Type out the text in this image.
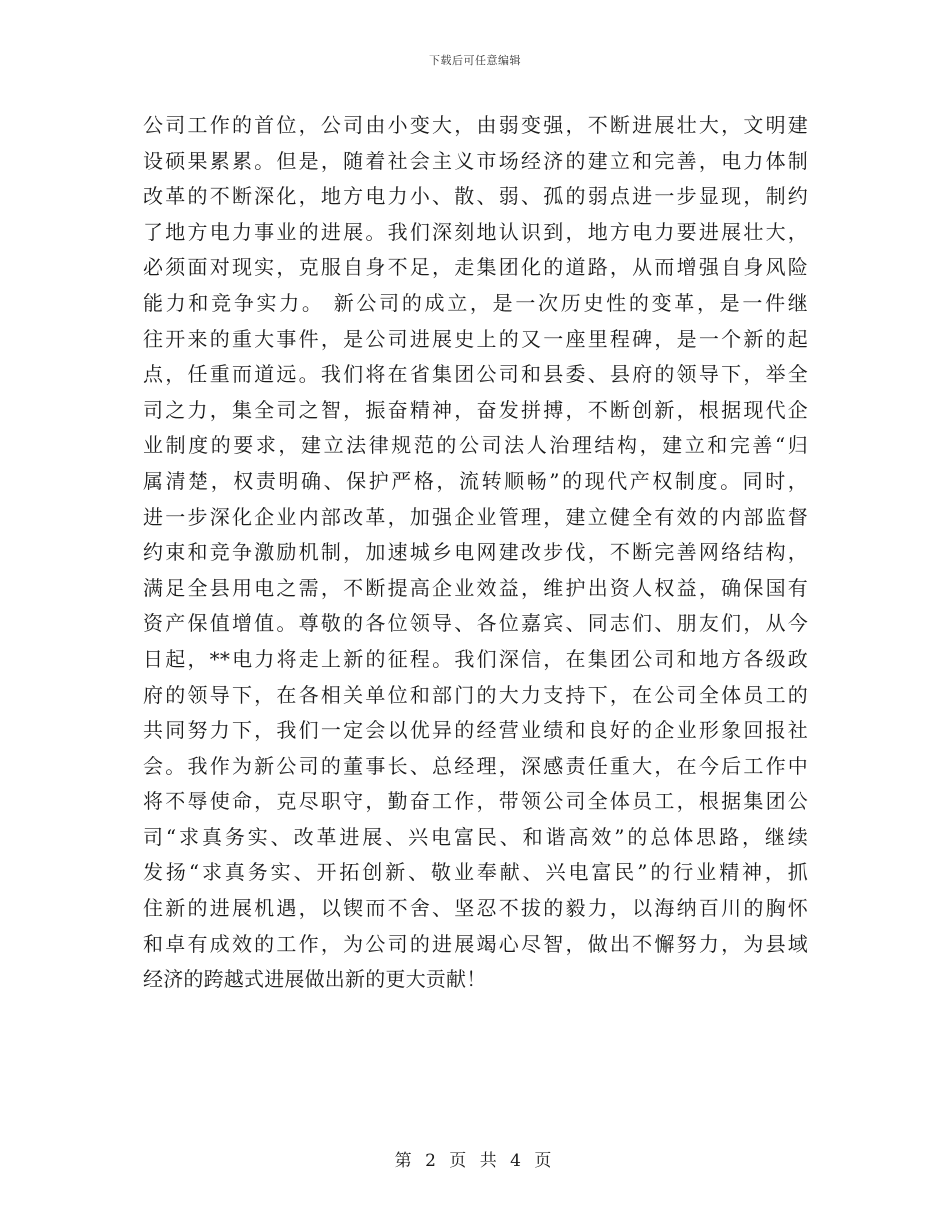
下载后可任意编辑
公司工作的首位，公司由小变大，由弱变强，不断进展壮大，文明建
设硕果累累。但是，随着社会主义市场经济的建立和完善，电力体制
改革的不断深化，地方电力小、散、弱、孤的弱点进一步显现，制约
了地方电力事业的进展。我们深刻地认识到，地方电力要进展壮大，
必须面对现实，克服自身不足，走集团化的道路，从而增强自身风险
能力和竞争实力。 新公司的成立，是一次历史性的变革，是一件继
往开来的重大事件，是公司进展史上的又一座里程碑，是一个新的起
点，任重而道远。我们将在省集团公司和县委、县府的领导下，举全
司之力，集全司之智，振奋精神，奋发拼搏，不断创新，根据现代企
业制度的要求，建立法律规范的公司法人治理结构，建立和完善“归
属清楚，权责明确、保护严格，流转顺畅”的现代产权制度。同时，
进一步深化企业内部改革，加强企业管理，建立健全有效的内部监督
约束和竞争激励机制，加速城乡电网建改步伐，不断完善网络结构，
满足全县用电之需，不断提高企业效益，维护出资人权益，确保国有
资产保值增值。尊敬的各位领导、各位嘉宾、同志们、朋友们，从今
日起，**电力将走上新的征程。我们深信，在集团公司和地方各级政
府的领导下，在各相关单位和部门的大力支持下，在公司全体员工的
共同努力下，我们一定会以优异的经营业绩和良好的企业形象回报社
会。我作为新公司的董事长、总经理，深感责任重大，在今后工作中
将不辱使命，克尽职守，勤奋工作，带领公司全体员工，根据集团公
司“求真务实、改革进展、兴电富民、和谐高效”的总体思路，继续
发扬“求真务实、开拓创新、敬业奉献、兴电富民”的行业精神，抓
住新的进展机遇，以锲而不舍、坚忍不拔的毅力，以海纳百川的胸怀
和卓有成效的工作，为公司的进展竭心尽智，做出不懈努力，为县域
经济的跨越式进展做出新的更大贡献！
第 2 页 共 4 页
